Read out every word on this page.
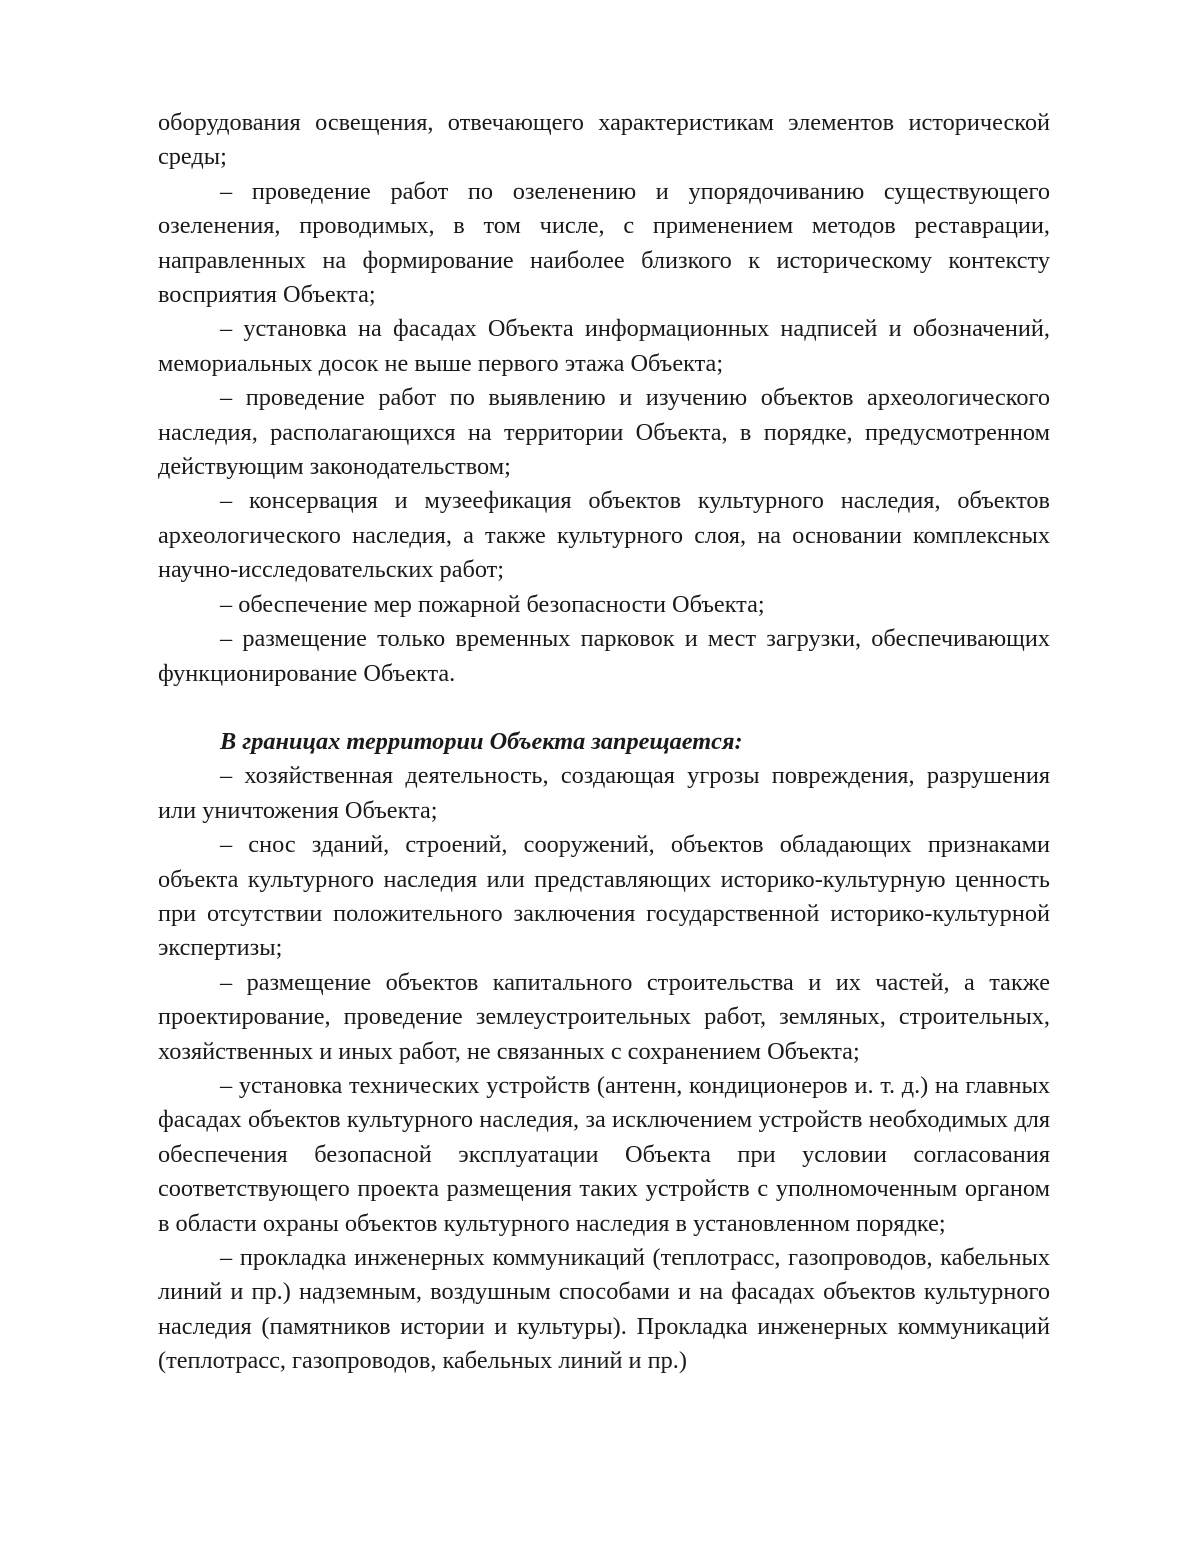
оборудования освещения, отвечающего характеристикам элементов исторической среды;

– проведение работ по озеленению и упорядочиванию существующего озеленения, проводимых, в том числе, с применением методов реставрации, направленных на формирование наиболее близкого к историческому контексту восприятия Объекта;

– установка на фасадах Объекта информационных надписей и обозначений, мемориальных досок не выше первого этажа Объекта;

– проведение работ по выявлению и изучению объектов археологического наследия, располагающихся на территории Объекта, в порядке, предусмотренном действующим законодательством;

– консервация и музеефикация объектов культурного наследия, объектов археологического наследия, а также культурного слоя, на основании комплексных научно-исследовательских работ;

– обеспечение мер пожарной безопасности Объекта;

– размещение только временных парковок и мест загрузки, обеспечивающих функционирование Объекта.

В границах территории Объекта запрещается:

– хозяйственная деятельность, создающая угрозы повреждения, разрушения или уничтожения Объекта;

– снос зданий, строений, сооружений, объектов обладающих признаками объекта культурного наследия или представляющих историко-культурную ценность при отсутствии положительного заключения государственной историко-культурной экспертизы;

– размещение объектов капитального строительства и их частей, а также проектирование, проведение землеустроительных работ, земляных, строительных, хозяйственных и иных работ, не связанных с сохранением Объекта;

– установка технических устройств (антенн, кондиционеров и. т. д.) на главных фасадах объектов культурного наследия, за исключением устройств необходимых для обеспечения безопасной эксплуатации Объекта при условии согласования соответствующего проекта размещения таких устройств с уполномоченным органом в области охраны объектов культурного наследия в установленном порядке;

– прокладка инженерных коммуникаций (теплотрасс, газопроводов, кабельных линий и пр.) надземным, воздушным способами и на фасадах объектов культурного наследия (памятников истории и культуры). Прокладка инженерных коммуникаций (теплотрасс, газопроводов, кабельных линий и пр.)
